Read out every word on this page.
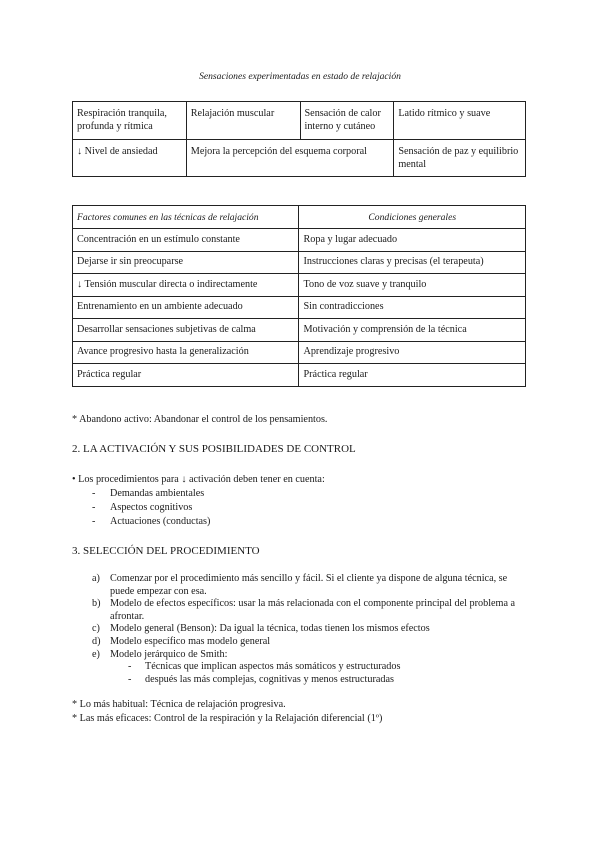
Sensaciones experimentadas en estado de relajación
Respiración tranquila, profunda y rítmica	Relajación muscular	Sensación de calor interno y cutáneo	Latido rítmico y suave
↓ Nivel de ansiedad	Mejora la percepción del esquema corporal		Sensación de paz y equilibrio mental
Factores comunes en las técnicas de relajación	Condiciones generales
Concentración en un estímulo constante	Ropa y lugar adecuado
Dejarse ir sin preocuparse	Instrucciones claras y precisas (el terapeuta)
↓ Tensión muscular directa o indirectamente	Tono de voz suave y tranquilo
Entrenamiento en un ambiente adecuado	Sin contradicciones
Desarrollar sensaciones subjetivas de calma	Motivación y comprensión de la técnica
Avance progresivo hasta la generalización	Aprendizaje progresivo
Práctica regular	Práctica regular
* Abandono activo: Abandonar el control de los pensamientos.
2. LA ACTIVACIÓN Y SUS POSIBILIDADES DE CONTROL
• Los procedimientos para ↓ activación deben tener en cuenta:
- Demandas ambientales
- Aspectos cognitivos
- Actuaciones (conductas)
3. SELECCIÓN DEL PROCEDIMIENTO
a) Comenzar por el procedimiento más sencillo y fácil. Si el cliente ya dispone de alguna técnica, se puede empezar con esa.
b) Modelo de efectos específicos: usar la más relacionada con el componente principal del problema a afrontar.
c) Modelo general (Benson): Da igual la técnica, todas tienen los mismos efectos
d) Modelo específico mas modelo general
e) Modelo jerárquico de Smith:
- Técnicas que implican aspectos más somáticos y estructurados
- después las más complejas, cognitivas y menos estructuradas
* Lo más habitual: Técnica de relajación progresiva.
* Las más eficaces: Control de la respiración y la Relajación diferencial (1º)
